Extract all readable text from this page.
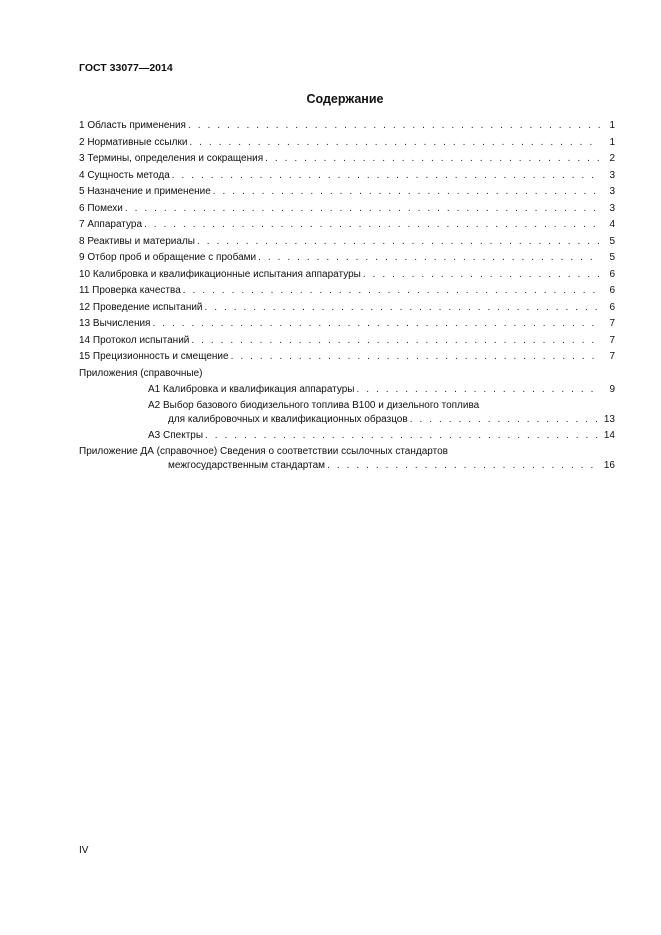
ГОСТ 33077—2014
Содержание
1 Область применения . . .	1
2 Нормативные ссылки . . .	1
3 Термины, определения и сокращения . . .	2
4 Сущность метода . . .	3
5 Назначение и применение . . .	3
6 Помехи . . .	3
7 Аппаратура . . .	4
8 Реактивы и материалы . . .	5
9 Отбор проб и обращение с пробами . . .	5
10 Калибровка и квалификационные испытания аппаратуры . . .	6
11 Проверка качества . . .	6
12 Проведение испытаний . . .	6
13 Вычисления . . .	7
14 Протокол испытаний . . .	7
15 Прецизионность и смещение . . .	7
Приложения (справочные)
А1 Калибровка и квалификация аппаратуры . . .	9
А2 Выбор базового биодизельного топлива В100 и дизельного топлива
для калибровочных и квалификационных образцов . . .	13
А3 Спектры . . .	14
Приложение ДА (справочное) Сведения о соответствии ссылочных стандартов
межгосударственным стандартам . . .	16
IV
